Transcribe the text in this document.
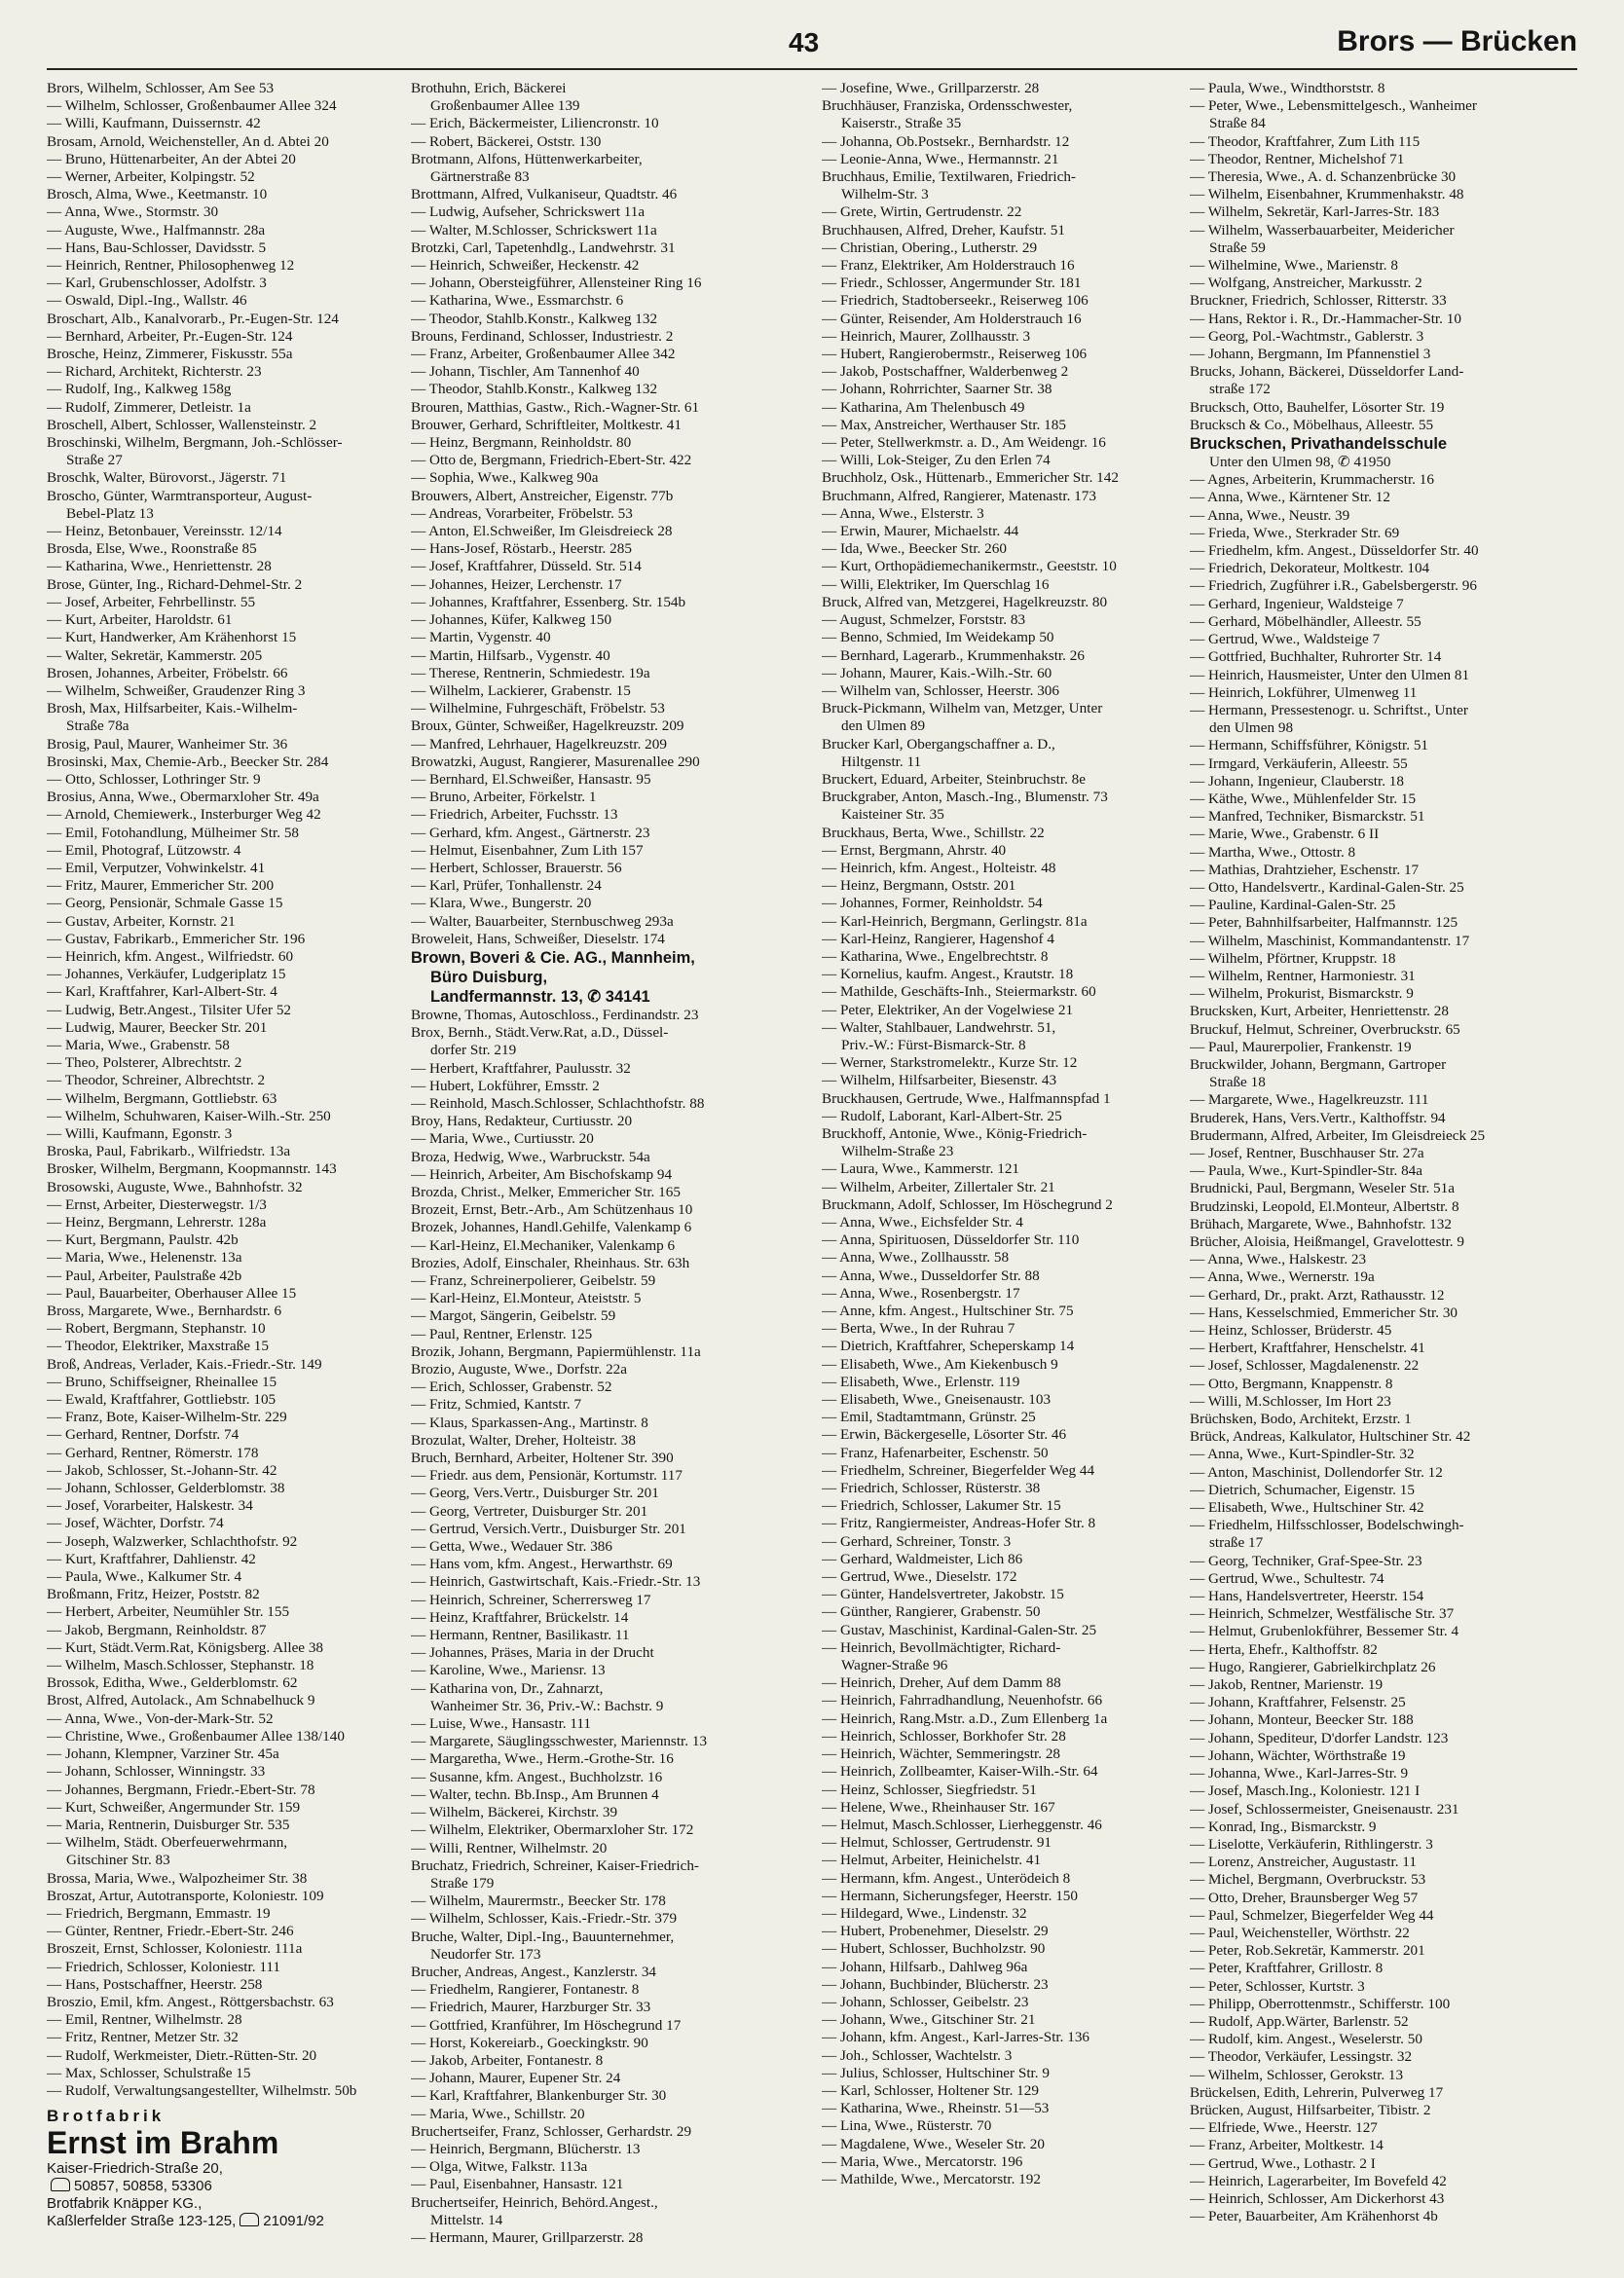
43	Brors — Brücken
Brors, Wilhelm, Schlosser, Am See 53
— Wilhelm, Schlosser, Großenbaumer Allee 324
— Willi, Kaufmann, Duissernstr. 42
Brosam, Arnold, Weichensteller, An d. Abtei 20
— Bruno, Hüttenarbeiter, An der Abtei 20
— Werner, Arbeiter, Kolpingstr. 52
Brosch, Alma, Wwe., Keetmanstr. 10
— Anna, Wwe., Stormstr. 30
— Auguste, Wwe., Halfmannstr. 28a
— Hans, Bau-Schlosser, Davidsstr. 5
— Heinrich, Rentner, Philosophenweg 12
— Karl, Grubenschlosser, Adolfstr. 3
— Oswald, Dipl.-Ing., Wallstr. 46
Broschart, Alb., Kanalvorarb., Pr.-Eugen-Str. 124
— Bernhard, Arbeiter, Pr.-Eugen-Str. 124
Brosche, Heinz, Zimmerer, Fiskusstr. 55a
— Richard, Architekt, Richterstr. 23
— Rudolf, Ing., Kalkweg 158g
— Rudolf, Zimmerer, Detleistr. 1a
Broschell, Albert, Schlosser, Wallensteinstr. 2
Broschinski, Wilhelm, Bergmann, Joh.-Schlösser-
Straße 27
Broschk, Walter, Bürovorst., Jägerstr. 71
Broscho, Günter, Warmtransporteur, August-
Bebel-Platz 13
— Heinz, Betonbauer, Vereinsstr. 12/14
Brosda, Else, Wwe., Roonstraße 85
— Katharina, Wwe., Henriettenstr. 28
Brose, Günter, Ing., Richard-Dehmel-Str. 2
— Josef, Arbeiter, Fehrbellinstr. 55
— Kurt, Arbeiter, Haroldstr. 61
— Kurt, Handwerker, Am Krähenhorst 15
— Walter, Sekretär, Kammerstr. 205
Brosen, Johannes, Arbeiter, Fröbelstr. 66
— Wilhelm, Schweißer, Graudenzer Ring 3
Brosh, Max, Hilfsarbeiter, Kais.-Wilhelm-
Straße 78a
Brosig, Paul, Maurer, Wanheimer Str. 36
Brosinski, Max, Chemie-Arb., Beecker Str. 284
— Otto, Schlosser, Lothringer Str. 9
Brosius, Anna, Wwe., Obermarxloher Str. 49a
— Arnold, Chemiewerk., Insterburger Weg 42
— Emil, Fotohandlung, Mülheimer Str. 58
— Emil, Photograf, Lützowstr. 4
— Emil, Verputzer, Vohwinkelstr. 41
— Fritz, Maurer, Emmericher Str. 200
— Georg, Pensionär, Schmale Gasse 15
— Gustav, Arbeiter, Kornstr. 21
— Gustav, Fabrikarb., Emmericher Str. 196
— Heinrich, kfm. Angest., Wilfriedstr. 60
— Johannes, Verkäufer, Ludgeriplatz 15
— Karl, Kraftfahrer, Karl-Albert-Str. 4
— Ludwig, Betr.Angest., Tilsiter Ufer 52
— Ludwig, Maurer, Beecker Str. 201
— Maria, Wwe., Grabenstr. 58
— Theo, Polsterer, Albrechtstr. 2
— Theodor, Schreiner, Albrechtstr. 2
— Wilhelm, Bergmann, Gottliebstr. 63
— Wilhelm, Schuhwaren, Kaiser-Wilh.-Str. 250
— Willi, Kaufmann, Egonstr. 3
Broska, Paul, Fabrikarb., Wilfriedstr. 13a
Brosker, Wilhelm, Bergmann, Koopmannstr. 143
Brosowski, Auguste, Wwe., Bahnhofstr. 32
— Ernst, Arbeiter, Diesterwegstr. 1/3
— Heinz, Bergmann, Lehrerstr. 128a
— Kurt, Bergmann, Paulstr. 42b
— Maria, Wwe., Helenenstr. 13a
— Paul, Arbeiter, Paulstraße 42b
— Paul, Bauarbeiter, Oberhauser Allee 15
Bross, Margarete, Wwe., Bernhardstr. 6
— Robert, Bergmann, Stephanstr. 10
— Theodor, Elektriker, Maxstraße 15
Broß, Andreas, Verlader, Kais.-Friedr.-Str. 149
— Bruno, Schiffseigner, Rheinallee 15
— Ewald, Kraftfahrer, Gottliebstr. 105
— Franz, Bote, Kaiser-Wilhelm-Str. 229
— Gerhard, Rentner, Dorfstr. 74
— Gerhard, Rentner, Römerstr. 178
— Jakob, Schlosser, St.-Johann-Str. 42
— Johann, Schlosser, Gelderblomstr. 38
— Josef, Vorarbeiter, Halskestr. 34
— Josef, Wächter, Dorfstr. 74
— Joseph, Walzwerker, Schlachthofstr. 92
— Kurt, Kraftfahrer, Dahlienstr. 42
— Paula, Wwe., Kalkumer Str. 4
Broßmann, Fritz, Heizer, Poststr. 82
— Herbert, Arbeiter, Neumühler Str. 155
— Jakob, Bergmann, Reinholdstr. 87
— Kurt, Städt.Verm.Rat, Königsberg. Allee 38
— Wilhelm, Masch.Schlosser, Stephanstr. 18
Brossok, Editha, Wwe., Gelderblomstr. 62
Brost, Alfred, Autolack., Am Schnabelhuck 9
— Anna, Wwe., Von-der-Mark-Str. 52
— Christine, Wwe., Großenbaumer Allee 138/140
— Johann, Klempner, Varziner Str. 45a
— Johann, Schlosser, Winningstr. 33
— Johannes, Bergmann, Friedr.-Ebert-Str. 78
— Kurt, Schweißer, Angermunder Str. 159
— Maria, Rentnerin, Duisburger Str. 535
— Wilhelm, Städt. Oberfeuerwehrmann,
Gitschiner Str. 83
Brossa, Maria, Wwe., Walpozheimer Str. 38
Broszat, Artur, Autotransporte, Koloniestr. 109
— Friedrich, Bergmann, Emmastr. 19
— Günter, Rentner, Friedr.-Ebert-Str. 246
Broszeit, Ernst, Schlosser, Koloniestr. 111a
— Friedrich, Schlosser, Koloniestr. 111
— Hans, Postschaffner, Heerstr. 258
Broszio, Emil, kfm. Angest., Röttgersbachstr. 63
— Emil, Rentner, Wilhelmstr. 28
— Fritz, Rentner, Metzer Str. 32
— Rudolf, Werkmeister, Dietr.-Rütten-Str. 20
— Max, Schlosser, Schulstraße 15
— Rudolf, Verwaltungsangestellter, Wilhelmstr. 50b
Brotfabrik
Ernst im Brahm
Kaiser-Friedrich-Straße 20,
50857, 50858, 53306
Brotfabrik Knäpper KG.,
Kaßlerfelder Straße 123-125, 21091/92
Brothuhn, Erich, Bäckerei
Großenbaumer Allee 139
— Erich, Bäckermeister, Liliencronstr. 10
— Robert, Bäckerei, Oststr. 130
Brotmann, Alfons, Hüttenwerkarbeiter,
Gärtnerstraße 83
Brottmann, Alfred, Vulkaniseur, Quadtstr. 46
— Ludwig, Aufseher, Schrickswert 11a
— Walter, M.Schlosser, Schrickswert 11a
Brotzki, Carl, Tapetenhdlg., Landwehrstr. 31
— Heinrich, Schweißer, Heckenstr. 42
— Johann, Obersteigführer, Allensteiner Ring 16
— Katharina, Wwe., Essmarchstr. 6
— Theodor, Stahlb.Konstr., Kalkweg 132
Brouns, Ferdinand, Schlosser, Industriestr. 2
— Franz, Arbeiter, Großenbaumer Allee 342
— Johann, Tischler, Am Tannenhof 40
— Theodor, Stahlb.Konstr., Kalkweg 132
Brouren, Matthias, Gastw., Rich.-Wagner-Str. 61
Brouwer, Gerhard, Schriftleiter, Moltkestr. 41
— Heinz, Bergmann, Reinholdstr. 80
— Otto de, Bergmann, Friedrich-Ebert-Str. 422
— Sophia, Wwe., Kalkweg 90a
Brouwers, Albert, Anstreicher, Eigenstr. 77b
— Andreas, Vorarbeiter, Fröbelstr. 53
— Anton, El.Schweißer, Im Gleisdreieck 28
— Hans-Josef, Röstarb., Heerstr. 285
— Josef, Kraftfahrer, Düsseld. Str. 514
— Johannes, Heizer, Lerchenstr. 17
— Johannes, Kraftfahrer, Essenberg. Str. 154b
— Johannes, Küfer, Kalkweg 150
— Martin, Vygenstr. 40
— Martin, Hilfsarb., Vygenstr. 40
— Therese, Rentnerin, Schmiedestr. 19a
— Wilhelm, Lackierer, Grabenstr. 15
— Wilhelmine, Fuhrgeschäft, Fröbelstr. 53
Broux, Günter, Schweißer, Hagelkreuzstr. 209
— Manfred, Lehrhauer, Hagelkreuzstr. 209
Browatzki, August, Rangierer, Masurenallee 290
— Bernhard, El.Schweißer, Hansastr. 95
— Bruno, Arbeiter, Förkelstr. 1
— Friedrich, Arbeiter, Fuchsstr. 13
— Gerhard, kfm. Angest., Gärtnerstr. 23
— Helmut, Eisenbahner, Zum Lith 157
— Herbert, Schlosser, Brauerstr. 56
— Karl, Prüfer, Tonhallenstr. 24
— Klara, Wwe., Bungerstr. 20
— Walter, Bauarbeiter, Sternbuschweg 293a
Broweleit, Hans, Schweißer, Dieselstr. 174
Brown, Boveri & Cie. AG., Mannheim,
Büro Duisburg,
Landfermannstr. 13, ✆ 34141
Browne, Thomas, Autoschloss., Ferdinandstr. 23
Brox, Bernh., Städt.Verw.Rat, a.D., Düssel-
dorfer Str. 219
— Herbert, Kraftfahrer, Paulusstr. 32
— Hubert, Lokführer, Emsstr. 2
— Reinhold, Masch.Schlosser, Schlachthofstr. 88
Broy, Hans, Redakteur, Curtiusstr. 20
— Maria, Wwe., Curtiusstr. 20
Broza, Hedwig, Wwe., Warbruckstr. 54a
— Heinrich, Arbeiter, Am Bischofskamp 94
Brozda, Christ., Melker, Emmericher Str. 165
Brozeit, Ernst, Betr.-Arb., Am Schützenhaus 10
Brozek, Johannes, Handl.Gehilfe, Valenkamp 6
— Karl-Heinz, El.Mechaniker, Valenkamp 6
Brozies, Adolf, Einschaler, Rheinhaus. Str. 63h
— Franz, Schreinerpolierer, Geibelstr. 59
— Karl-Heinz, El.Monteur, Ateiststr. 5
— Margot, Sängerin, Geibelstr. 59
— Paul, Rentner, Erlenstr. 125
Brozik, Johann, Bergmann, Papiermühlenstr. 11a
Brozio, Auguste, Wwe., Dorfstr. 22a
— Erich, Schlosser, Grabenstr. 52
— Fritz, Schmied, Kantstr. 7
— Klaus, Sparkassen-Ang., Martinstr. 8
Brozulat, Walter, Dreher, Holteistr. 38
Bruch, Bernhard, Arbeiter, Holtener Str. 390
— Friedr. aus dem, Pensionär, Kortumstr. 117
— Georg, Vers.Vertr., Duisburger Str. 201
— Georg, Vertreter, Duisburger Str. 201
— Gertrud, Versich.Vertr., Duisburger Str. 201
— Getta, Wwe., Wedauer Str. 386
— Hans vom, kfm. Angest., Herwarthstr. 69
— Heinrich, Gastwirtschaft, Kais.-Friedr.-Str. 13
— Heinrich, Schreiner, Scherrersweg 17
— Heinz, Kraftfahrer, Brückelstr. 14
— Hermann, Rentner, Basilikastr. 11
— Johannes, Präses, Maria in der Drucht
— Karoline, Wwe., Mariensr. 13
— Katharina von, Dr., Zahnarzt,
Wanheimer Str. 36, Priv.-W.: Bachstr. 9
— Luise, Wwe., Hansastr. 111
— Margarete, Säuglingsschwester, Mariennstr. 13
— Margaretha, Wwe., Herm.-Grothe-Str. 16
— Susanne, kfm. Angest., Buchholzstr. 16
— Walter, techn. Bb.Insp., Am Brunnen 4
— Wilhelm, Bäckerei, Kirchstr. 39
— Wilhelm, Elektriker, Obermarxloher Str. 172
— Willi, Rentner, Wilhelmstr. 20
Bruchatz, Friedrich, Schreiner, Kaiser-Friedrich-
Straße 179
— Wilhelm, Maurermstr., Beecker Str. 178
— Wilhelm, Schlosser, Kais.-Friedr.-Str. 379
Bruche, Walter, Dipl.-Ing., Bauunternehmer,
Neudorfer Str. 173
Brucher, Andreas, Angest., Kanzlerstr. 34
— Friedhelm, Rangierer, Fontanestr. 8
— Friedrich, Maurer, Harzburger Str. 33
— Gottfried, Kranführer, Im Höschegrund 17
— Horst, Kokereiarb., Goeckingkstr. 90
— Jakob, Arbeiter, Fontanestr. 8
— Johann, Maurer, Eupener Str. 24
— Karl, Kraftfahrer, Blankenburger Str. 30
— Maria, Wwe., Schillstr. 20
Bruchertseifer, Franz, Schlosser, Gerhardstr. 29
— Heinrich, Bergmann, Blücherstr. 13
— Olga, Witwe, Falkstr. 113a
— Paul, Eisenbahner, Hansastr. 121
Bruchertseifer, Heinrich, Behörd.Angest.,
Mittelstr. 14
— Hermann, Maurer, Grillparzerstr. 28
— Josefine, Wwe., Grillparzerstr. 28
Bruchhäuser, Franziska, Ordensschwester,
Kaiserstr., Straße 35
— Johanna, Ob.Postsekr., Bernhardstr. 12
— Leonie-Anna, Wwe., Hermannstr. 21
Bruchhaus, Emilie, Textilwaren, Friedrich-
Wilhelm-Str. 3
— Grete, Wirtin, Gertrudenstr. 22
Bruchhausen, Alfred, Dreher, Kaufstr. 51
— Christian, Obering., Lutherstr. 29
— Franz, Elektriker, Am Holderstrauch 16
— Friedr., Schlosser, Angermunder Str. 181
— Friedrich, Stadtoberseekr., Reiserweg 106
— Günter, Reisender, Am Holderstrauch 16
— Heinrich, Maurer, Zollhausstr. 3
— Hubert, Rangierobermstr., Reiserweg 106
— Jakob, Postschaffner, Walderbenweg 2
— Johann, Rohrrichter, Saarner Str. 38
— Katharina, Am Thelenbusch 49
— Max, Anstreicher, Werthauser Str. 185
— Peter, Stellwerkmstr. a. D., Am Weidengr. 16
— Willi, Lok-Steiger, Zu den Erlen 74
Bruchholz, Osk., Hüttenarb., Emmericher Str. 142
Bruchmann, Alfred, Rangierer, Matenastr. 173
— Anna, Wwe., Elsterstr. 3
— Erwin, Maurer, Michaelstr. 44
— Ida, Wwe., Beecker Str. 260
— Kurt, Orthopädiemechanikermstr., Geeststr. 10
— Willi, Elektriker, Im Querschlag 16
Bruck, Alfred van, Metzgerei, Hagelkreuzstr. 80
— August, Schmelzer, Forststr. 83
— Benno, Schmied, Im Weidekamp 50
— Bernhard, Lagerarb., Krummenhakstr. 26
— Johann, Maurer, Kais.-Wilh.-Str. 60
— Wilhelm van, Schlosser, Heerstr. 306
Bruck-Pickmann, Wilhelm van, Metzger, Unter
den Ulmen 89
Brucker Karl, Obergangschaffner a. D.,
Hiltgenstr. 11
Bruckert, Eduard, Arbeiter, Steinbruchstr. 8e
Bruckgraber, Anton, Masch.-Ing., Blumenstr. 73
Kaisteiner Str. 35
Bruckhaus, Berta, Wwe., Schillstr. 22
— Ernst, Bergmann, Ahrstr. 40
— Heinrich, kfm. Angest., Holteistr. 48
— Heinz, Bergmann, Oststr. 201
— Johannes, Former, Reinholdstr. 54
— Karl-Heinrich, Bergmann, Gerlingstr. 81a
— Karl-Heinz, Rangierer, Hagenshof 4
— Katharina, Wwe., Engelbrechtstr. 8
— Kornelius, kaufm. Angest., Krautstr. 18
— Mathilde, Geschäfts-Inh., Steiermarkstr. 60
— Peter, Elektriker, An der Vogelwiese 21
— Walter, Stahlbauer, Landwehrstr. 51,
Priv.-W.: Fürst-Bismarck-Str. 8
— Werner, Starkstromelektr., Kurze Str. 12
— Wilhelm, Hilfsarbeiter, Biesenstr. 43
Bruckhausen, Gertrude, Wwe., Halfmannspfad 1
— Rudolf, Laborant, Karl-Albert-Str. 25
Bruckhoff, Antonie, Wwe., König-Friedrich-
Wilhelm-Straße 23
— Laura, Wwe., Kammerstr. 121
— Wilhelm, Arbeiter, Zillertaler Str. 21
Bruckmann, Adolf, Schlosser, Im Höschegrund 2
— Anna, Wwe., Eichsfelder Str. 4
— Anna, Spirituosen, Düsseldorfer Str. 110
— Anna, Wwe., Zollhausstr. 58
— Anna, Wwe., Dusseldorfer Str. 88
— Anna, Wwe., Rosenbergstr. 17
— Anne, kfm. Angest., Hultschiner Str. 75
— Berta, Wwe., In der Ruhrau 7
— Dietrich, Kraftfahrer, Scheperskamp 14
— Elisabeth, Wwe., Am Kiekenbusch 9
— Elisabeth, Wwe., Erlenstr. 119
— Elisabeth, Wwe., Gneisenaustr. 103
— Emil, Stadtamtmann, Grünstr. 25
— Erwin, Bäckergeselle, Lösorter Str. 46
— Franz, Hafenarbeiter, Eschenstr. 50
— Friedhelm, Schreiner, Biegerfelder Weg 44
— Friedrich, Schlosser, Rüsterstr. 38
— Friedrich, Schlosser, Lakumer Str. 15
— Fritz, Rangiermeister, Andreas-Hofer Str. 8
— Gerhard, Schreiner, Tonstr. 3
— Gerhard, Waldmeister, Lich 86
— Gertrud, Wwe., Dieselstr. 172
— Günter, Handelsvertreter, Jakobstr. 15
— Günther, Rangierer, Grabenstr. 50
— Gustav, Maschinist, Kardinal-Galen-Str. 25
— Heinrich, Bevollmächtigter, Richard-
Wagner-Straße 96
— Heinrich, Dreher, Auf dem Damm 88
— Heinrich, Fahrradhandlung, Neuenhofstr. 66
— Heinrich, Rang.Mstr. a.D., Zum Ellenberg 1a
— Heinrich, Schlosser, Borkhofer Str. 28
— Heinrich, Wächter, Semmeringstr. 28
— Heinrich, Zollbeamter, Kaiser-Wilh.-Str. 64
— Heinz, Schlosser, Siegfriedstr. 51
— Helene, Wwe., Rheinhauser Str. 167
— Helmut, Masch.Schlosser, Lierheggenstr. 46
— Helmut, Schlosser, Gertrudenstr. 91
— Helmut, Arbeiter, Heinichelstr. 41
— Hermann, kfm. Angest., Unterödeich 8
— Hermann, Sicherungsfeger, Heerstr. 150
— Hildegard, Wwe., Lindenstr. 32
— Hubert, Probenehmer, Dieselstr. 29
— Hubert, Schlosser, Buchholzstr. 90
— Johann, Hilfsarb., Dahlweg 96a
— Johann, Buchbinder, Blücherstr. 23
— Johann, Schlosser, Geibelstr. 23
— Johann, Wwe., Gitschiner Str. 21
— Johann, kfm. Angest., Karl-Jarres-Str. 136
— Joh., Schlosser, Wachtelstr. 3
— Julius, Schlosser, Hultschiner Str. 9
— Karl, Schlosser, Holtener Str. 129
— Katharina, Wwe., Rheinstr. 51—53
— Lina, Wwe., Rüsterstr. 70
— Magdalene, Wwe., Weseler Str. 20
— Maria, Wwe., Mercatorstr. 196
— Mathilde, Wwe., Mercatorstr. 192
— Paula, Wwe., Windthorststr. 8
— Peter, Wwe., Lebensmittelgesch., Wanheimer
Straße 84
— Theodor, Kraftfahrer, Zum Lith 115
— Theodor, Rentner, Michelshof 71
— Theresia, Wwe., A. d. Schanzenbrücke 30
— Wilhelm, Eisenbahner, Krummenhakstr. 48
— Wilhelm, Sekretär, Karl-Jarres-Str. 183
— Wilhelm, Wasserbauarbeiter, Meidericher
Straße 59
— Wilhelmine, Wwe., Marienstr. 8
— Wolfgang, Anstreicher, Markusstr. 2
Bruckner, Friedrich, Schlosser, Ritterstr. 33
— Hans, Rektor i. R., Dr.-Hammacher-Str. 10
— Georg, Pol.-Wachtmstr., Gablerstr. 3
— Johann, Bergmann, Im Pfannenstiel 3
Brucks, Johann, Bäckerei, Düsseldorfer Land-
straße 172
Brucksch, Otto, Bauhelfer, Lösorter Str. 19
Brucksch & Co., Möbelhaus, Alleestr. 55
Bruckschen, Privathandelsschule
Unter den Ulmen 98, ✆ 41950
— Agnes, Arbeiterin, Krummacherstr. 16
— Anna, Wwe., Kärntener Str. 12
— Anna, Wwe., Neustr. 39
— Frieda, Wwe., Sterkrader Str. 69
— Friedhelm, kfm. Angest., Düsseldorfer Str. 40
— Friedrich, Dekorateur, Moltkestr. 104
— Friedrich, Zugführer i.R., Gabelsbergerstr. 96
— Gerhard, Ingenieur, Waldsteige 7
— Gerhard, Möbelhändler, Alleestr. 55
— Gertrud, Wwe., Waldsteige 7
— Gottfried, Buchhalter, Ruhrorter Str. 14
— Heinrich, Hausmeister, Unter den Ulmen 81
— Heinrich, Lokführer, Ulmenweg 11
— Hermann, Pressestenogr. u. Schriftst., Unter
den Ulmen 98
— Hermann, Schiffsführer, Königstr. 51
— Irmgard, Verkäuferin, Alleestr. 55
— Johann, Ingenieur, Clauberstr. 18
— Käthe, Wwe., Mühlenfelder Str. 15
— Manfred, Techniker, Bismarckstr. 51
— Marie, Wwe., Grabenstr. 6 II
— Martha, Wwe., Ottostr. 8
— Mathias, Drahtzieher, Eschenstr. 17
— Otto, Handelsvertr., Kardinal-Galen-Str. 25
— Pauline, Kardinal-Galen-Str. 25
— Peter, Bahnhilfsarbeiter, Halfmannstr. 125
— Wilhelm, Maschinist, Kommandantenstr. 17
— Wilhelm, Pförtner, Kruppstr. 18
— Wilhelm, Rentner, Harmoniestr. 31
— Wilhelm, Prokurist, Bismarckstr. 9
Brucksken, Kurt, Arbeiter, Henriettenstr. 28
Bruckuf, Helmut, Schreiner, Overbruckstr. 65
— Paul, Maurerpolier, Frankenstr. 19
Bruckwilder, Johann, Bergmann, Gartroper
Straße 18
— Margarete, Wwe., Hagelkreuzstr. 111
Bruderek, Hans, Vers.Vertr., Kalthoffstr. 94
Brudermann, Alfred, Arbeiter, Im Gleisdreieck 25
— Josef, Rentner, Buschhauser Str. 27a
— Paula, Wwe., Kurt-Spindler-Str. 84a
Brudnicki, Paul, Bergmann, Weseler Str. 51a
Brudzinski, Leopold, El.Monteur, Albertstr. 8
Brühach, Margarete, Wwe., Bahnhofstr. 132
Brücher, Aloisia, Heißmangel, Gravelottestr. 9
— Anna, Wwe., Halskestr. 23
— Anna, Wwe., Wernerstr. 19a
— Gerhard, Dr., prakt. Arzt, Rathausstr. 12
— Hans, Kesselschmied, Emmericher Str. 30
— Heinz, Schlosser, Brüderstr. 45
— Herbert, Kraftfahrer, Henschelstr. 41
— Josef, Schlosser, Magdalenenstr. 22
— Otto, Bergmann, Knappenstr. 8
— Willi, M.Schlosser, Im Hort 23
Brüchsken, Bodo, Architekt, Erzstr. 1
Brück, Andreas, Kalkulator, Hultschiner Str. 42
— Anna, Wwe., Kurt-Spindler-Str. 32
— Anton, Maschinist, Dollendorfer Str. 12
— Dietrich, Schumacher, Eigenstr. 15
— Elisabeth, Wwe., Hultschiner Str. 42
— Friedhelm, Hilfsschlosser, Bodelschwingh-
straße 17
— Georg, Techniker, Graf-Spee-Str. 23
— Gertrud, Wwe., Schultestr. 74
— Hans, Handelsvertreter, Heerstr. 154
— Heinrich, Schmelzer, Westfälische Str. 37
— Helmut, Grubenlokführer, Bessemer Str. 4
— Herta, Ehefr., Kalthoffstr. 82
— Hugo, Rangierer, Gabrielkirchplatz 26
— Jakob, Rentner, Marienstr. 19
— Johann, Kraftfahrer, Felsenstr. 25
— Johann, Monteur, Beecker Str. 188
— Johann, Spediteur, D'dorfer Landstr. 123
— Johann, Wächter, Wörthstraße 19
— Johanna, Wwe., Karl-Jarres-Str. 9
— Josef, Masch.Ing., Koloniestr. 121 I
— Josef, Schlossermeister, Gneisenaustr. 231
— Konrad, Ing., Bismarckstr. 9
— Liselotte, Verkäuferin, Rithlingerstr. 3
— Lorenz, Anstreicher, Augustastr. 11
— Michel, Bergmann, Overbruckstr. 53
— Otto, Dreher, Braunsberger Weg 57
— Paul, Schmelzer, Biegerfelder Weg 44
— Paul, Weichensteller, Wörthstr. 22
— Peter, Rob.Sekretär, Kammerstr. 201
— Peter, Kraftfahrer, Grillostr. 8
— Peter, Schlosser, Kurtstr. 3
— Philipp, Oberrottenmstr., Schifferstr. 100
— Rudolf, App.Wärter, Barlenstr. 52
— Rudolf, kim. Angest., Weselerstr. 50
— Theodor, Verkäufer, Lessingstr. 32
— Wilhelm, Schlosser, Gerokstr. 13
Brückelsen, Edith, Lehrerin, Pulverweg 17
Brücken, August, Hilfsarbeiter, Tibistr. 2
— Elfriede, Wwe., Heerstr. 127
— Franz, Arbeiter, Moltkestr. 14
— Gertrud, Wwe., Lothastr. 2 I
— Heinrich, Lagerarbeiter, Im Bovefeld 42
— Heinrich, Schlosser, Am Dickerhorst 43
— Peter, Bauarbeiter, Am Krähenhorst 4b
